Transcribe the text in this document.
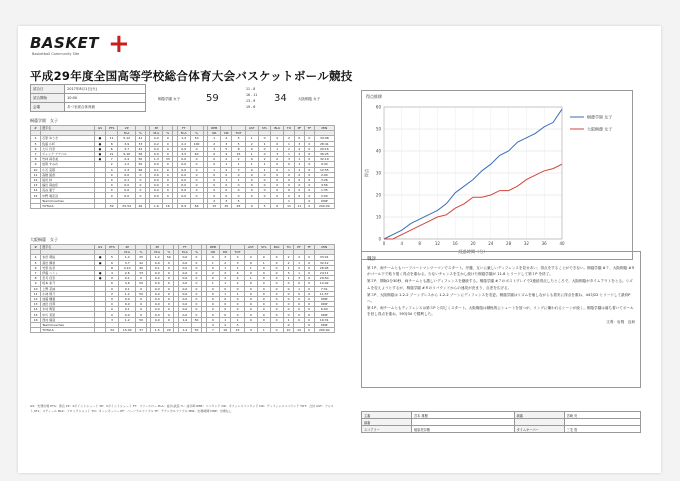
BASKET +
Basketball Community Site
平成29年度全国高等学校総合体育大会バスケットボール競技
試合日	2017年8月1日(火)
試合開始	10:00
会場	あづま総合体育館
桐蔭学園 女子	59
11 - 8
16 - 11
13 - 9
19 - 6
34	大阪桐蔭 女子
桐蔭学園　女子
#	選手名	GS	PTS	2P			3P			FT			REB			AST	STL	BLK	TO	PF	TF	MIN
				M-A	%		M-A	%		M-A	%		OR	DR	TOT							
4	石原 ゆうき	●	11	5-12	41		0-0	0		1-2	50		1	4	5	1	0	2	2	0	0	34:08
5	佐藤 小町	●	8	3-9	33		0-2	0		2-2	100		2	3	5	2	1	0	1	3	0	28:41
6	大川 玲奈	●	6	3-7	42		0-0	0		0-0	0		3	5	8	0	0	1	2	2	0	29:16
7	ジャック アナベル	●	21	9-16	56		0-0	0		3-5	60		6	9	15	1	0	3	1	2	0	36:25
8	竹林 真奈美	●	7	2-4	50		1-3	33		0-0	0		0	2	2	4	2	0	3	1	0	32:10
9	加賀 すみれ		2	1-2	50		0-0	0		0-0	0		0	1	1	1	1	0	0	1	0	9:34
10	小石 菜都		4	2-3	66		0-1	0		0-0	0		1	2	3	0	1	0	1	2	0	12:55
11	高橋 綾香		0	0-0	0		0-0	0		0-0	0		0	0	0	0	0	0	0	0	0	2:00
12	島田 紗		0	0-1	0		0-0	0		0-0	0		0	1	1	0	0	0	0	0	0	3:26
13	福田 真由佳		0	0-0	0		0-0	0		0-0	0		0	0	0	0	0	0	0	0	0	3:56
14	長谷 夏子		0	0-0	0		0-0	0		0-0	0		0	0	0	0	0	0	0	0	0	1:35
15	中野 萌花音		0	0-0	0		0-0	0		0-0	0		0	0	0	0	0	0	0	0	0	2:00
	Team/Coaches												2	3	5				1		0	DNP
	TOTALS		59	25-54	46		1-6	16		6-9	66		15	30	45	9	5	6	11	11	0	200:00
大阪桐蔭　女子
#	選手名	GS	PTS	2P			3P			FT			REB			AST	STL	BLK	TO	PF	TF	MIN
				M-A	%		M-A	%		M-A	%		OR	DR	TOT							
4	永田 萌絵	●	5	1-4	25		1-2	50		0-0	0		0	3	3	2	0	0	2	2	0	33:01
5	高田 静香	●	6	3-7	42		0-0	0		0-0	0		1	2	3	0	1	0	2	1	0	32:12
6	竹原 佑奈		8	4-10	40		0-1	0		0-0	0		0	1	1	1	0	0	1	2	0	26:05
7	伊藤 ハミィ	●	4	2-6	33		0-0	0		0-0	0		2	2	4	0	0	0	3	1	0	24:11
8	宮月 佳奈	●	0	0-1	0		0-2	0		0-0	0		0	2	2	1	0	0	1	3	0	29:50
9	坂本 彩乃		6	3-6	50		0-0	0		0-0	0		1	1	2	0	0	0	0	0	0	12:42
10	上野 花純		0	0-1	0		0-0	0		0-0	0		0	0	0	0	0	0	0	1	0	7:31
11	小林 瑛乃		2	1-2	50		0-0	0		0-0	0		0	1	1	0	0	0	0	0	0	11:57
12	加藤 楓夏		0	0-0	0		0-0	0		0-0	0		0	0	0	0	0	0	0	0	0	DNP
13	池田 佳那		0	0-0	0		0-0	0		0-0	0		0	0	0	0	0	0	0	0	0	DNP
14	木村 明里		0	0-1	0		0-0	0		0-0	0		0	0	0	0	0	0	0	0	0	6:00
15	中川 茉里		0	0-0	0		0-0	0		0-0	0		0	0	0	0	0	0	0	0	0	DNP
16	西村 瑞羽		3	1-2	50		0-0	0		1-2	50		0	1	1	0	0	0	1	0	0	16:31
	Team/Coaches												3	2	5				0		0	DNP
	TOTALS		34	15-40	37		1-5	20		1-2	50		7	16	23	4	1	0	10	10	0	200:00
GS：先発出場 PTS：得点 2P：2ポイントシュート 3P：3ポイントシュート FT：フリースロー M-A：成功-試投 %：成功率 REB：リバウンド OR：オフェンスリバウンド DR：ディフェンスリバウンド TOT：合計 AST：アシスト STL：スティール BLK：ブロックショット TO：ターンオーバー PF：パーソナルファウル TF：テクニカルファウル MIN：出場時間 DNP：出場なし
得点推移
0
10
20
30
40
50
60
0	4	8	12	16	20	24	28	32	36	40
経過時間（分）
得点
桐蔭学園 女子
大阪桐蔭 女子
戦評

第１P、両チームともハーフコートマンツーマンでスタート。序盤、互いに厳しいディフェンスを見せあい、得点をすることができない。桐蔭学園 #７、大阪桐蔭 #８がゴール下で粘り強く得点を重ねる。少ないチャンスを生かし続けた桐蔭学園が 11-8 とリードして第１P を終了。

第２P、開始2分30秒、両チームとも激しいディフェンスを継続する。桐蔭学園 #７のポストプレイで2連続得点したところで、大阪桐蔭がタイムアウトをとる。リズムを変えようとするが、桐蔭学園 #８のリバウンドからの速攻が決まり、点差を広げる。

第３P、大阪桐蔭は 1-2-2 ゾーンプレスから 1-2-2 ゾーンにディフェンスを変更。桐蔭学園はリズムを崩しながらも着実に得点を重ね、44対22 とリードして最終P へ。

第４P、両チームともディフェンスは第３P と同じくスタート。大阪桐蔭は積極的にシュートを放つが、リングに嫌われるシーンが続く。桐蔭学園は落ち着いてボールを回し得点を重ね、59対34 で勝利した。

文責：岩岡　良和
主審	宮本 雄樹	副審	宮崎 亮
副審			
スコアラー	植原美奈穂	タイムキーパー	三宅 悠
